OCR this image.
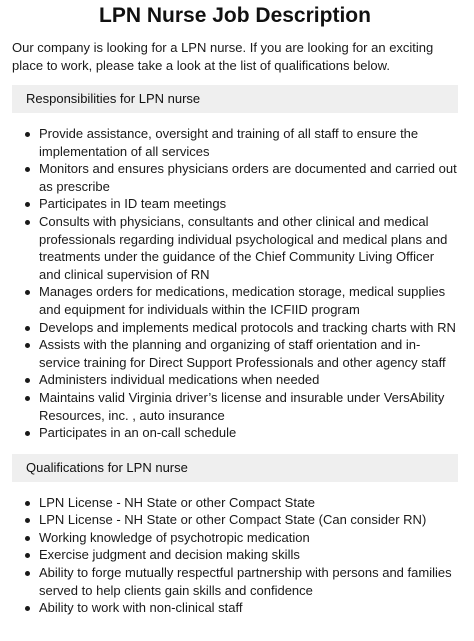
LPN Nurse Job Description

Our company is looking for a LPN nurse. If you are looking for an exciting place to work, please take a look at the list of qualifications below.

Responsibilities for LPN nurse
Provide assistance, oversight and training of all staff to ensure the implementation of all services
Monitors and ensures physicians orders are documented and carried out as prescribe
Participates in ID team meetings
Consults with physicians, consultants and other clinical and medical professionals regarding individual psychological and medical plans and treatments under the guidance of the Chief Community Living Officer and clinical supervision of RN
Manages orders for medications, medication storage, medical supplies and equipment for individuals within the ICFIID program
Develops and implements medical protocols and tracking charts with RN
Assists with the planning and organizing of staff orientation and in-service training for Direct Support Professionals and other agency staff
Administers individual medications when needed
Maintains valid Virginia driver’s license and insurable under VersAbility Resources, inc. , auto insurance
Participates in an on-call schedule
Qualifications for LPN nurse
LPN License - NH State or other Compact State
LPN License - NH State or other Compact State (Can consider RN)
Working knowledge of psychotropic medication
Exercise judgment and decision making skills
Ability to forge mutually respectful partnership with persons and families served to help clients gain skills and confidence
Ability to work with non-clinical staff
